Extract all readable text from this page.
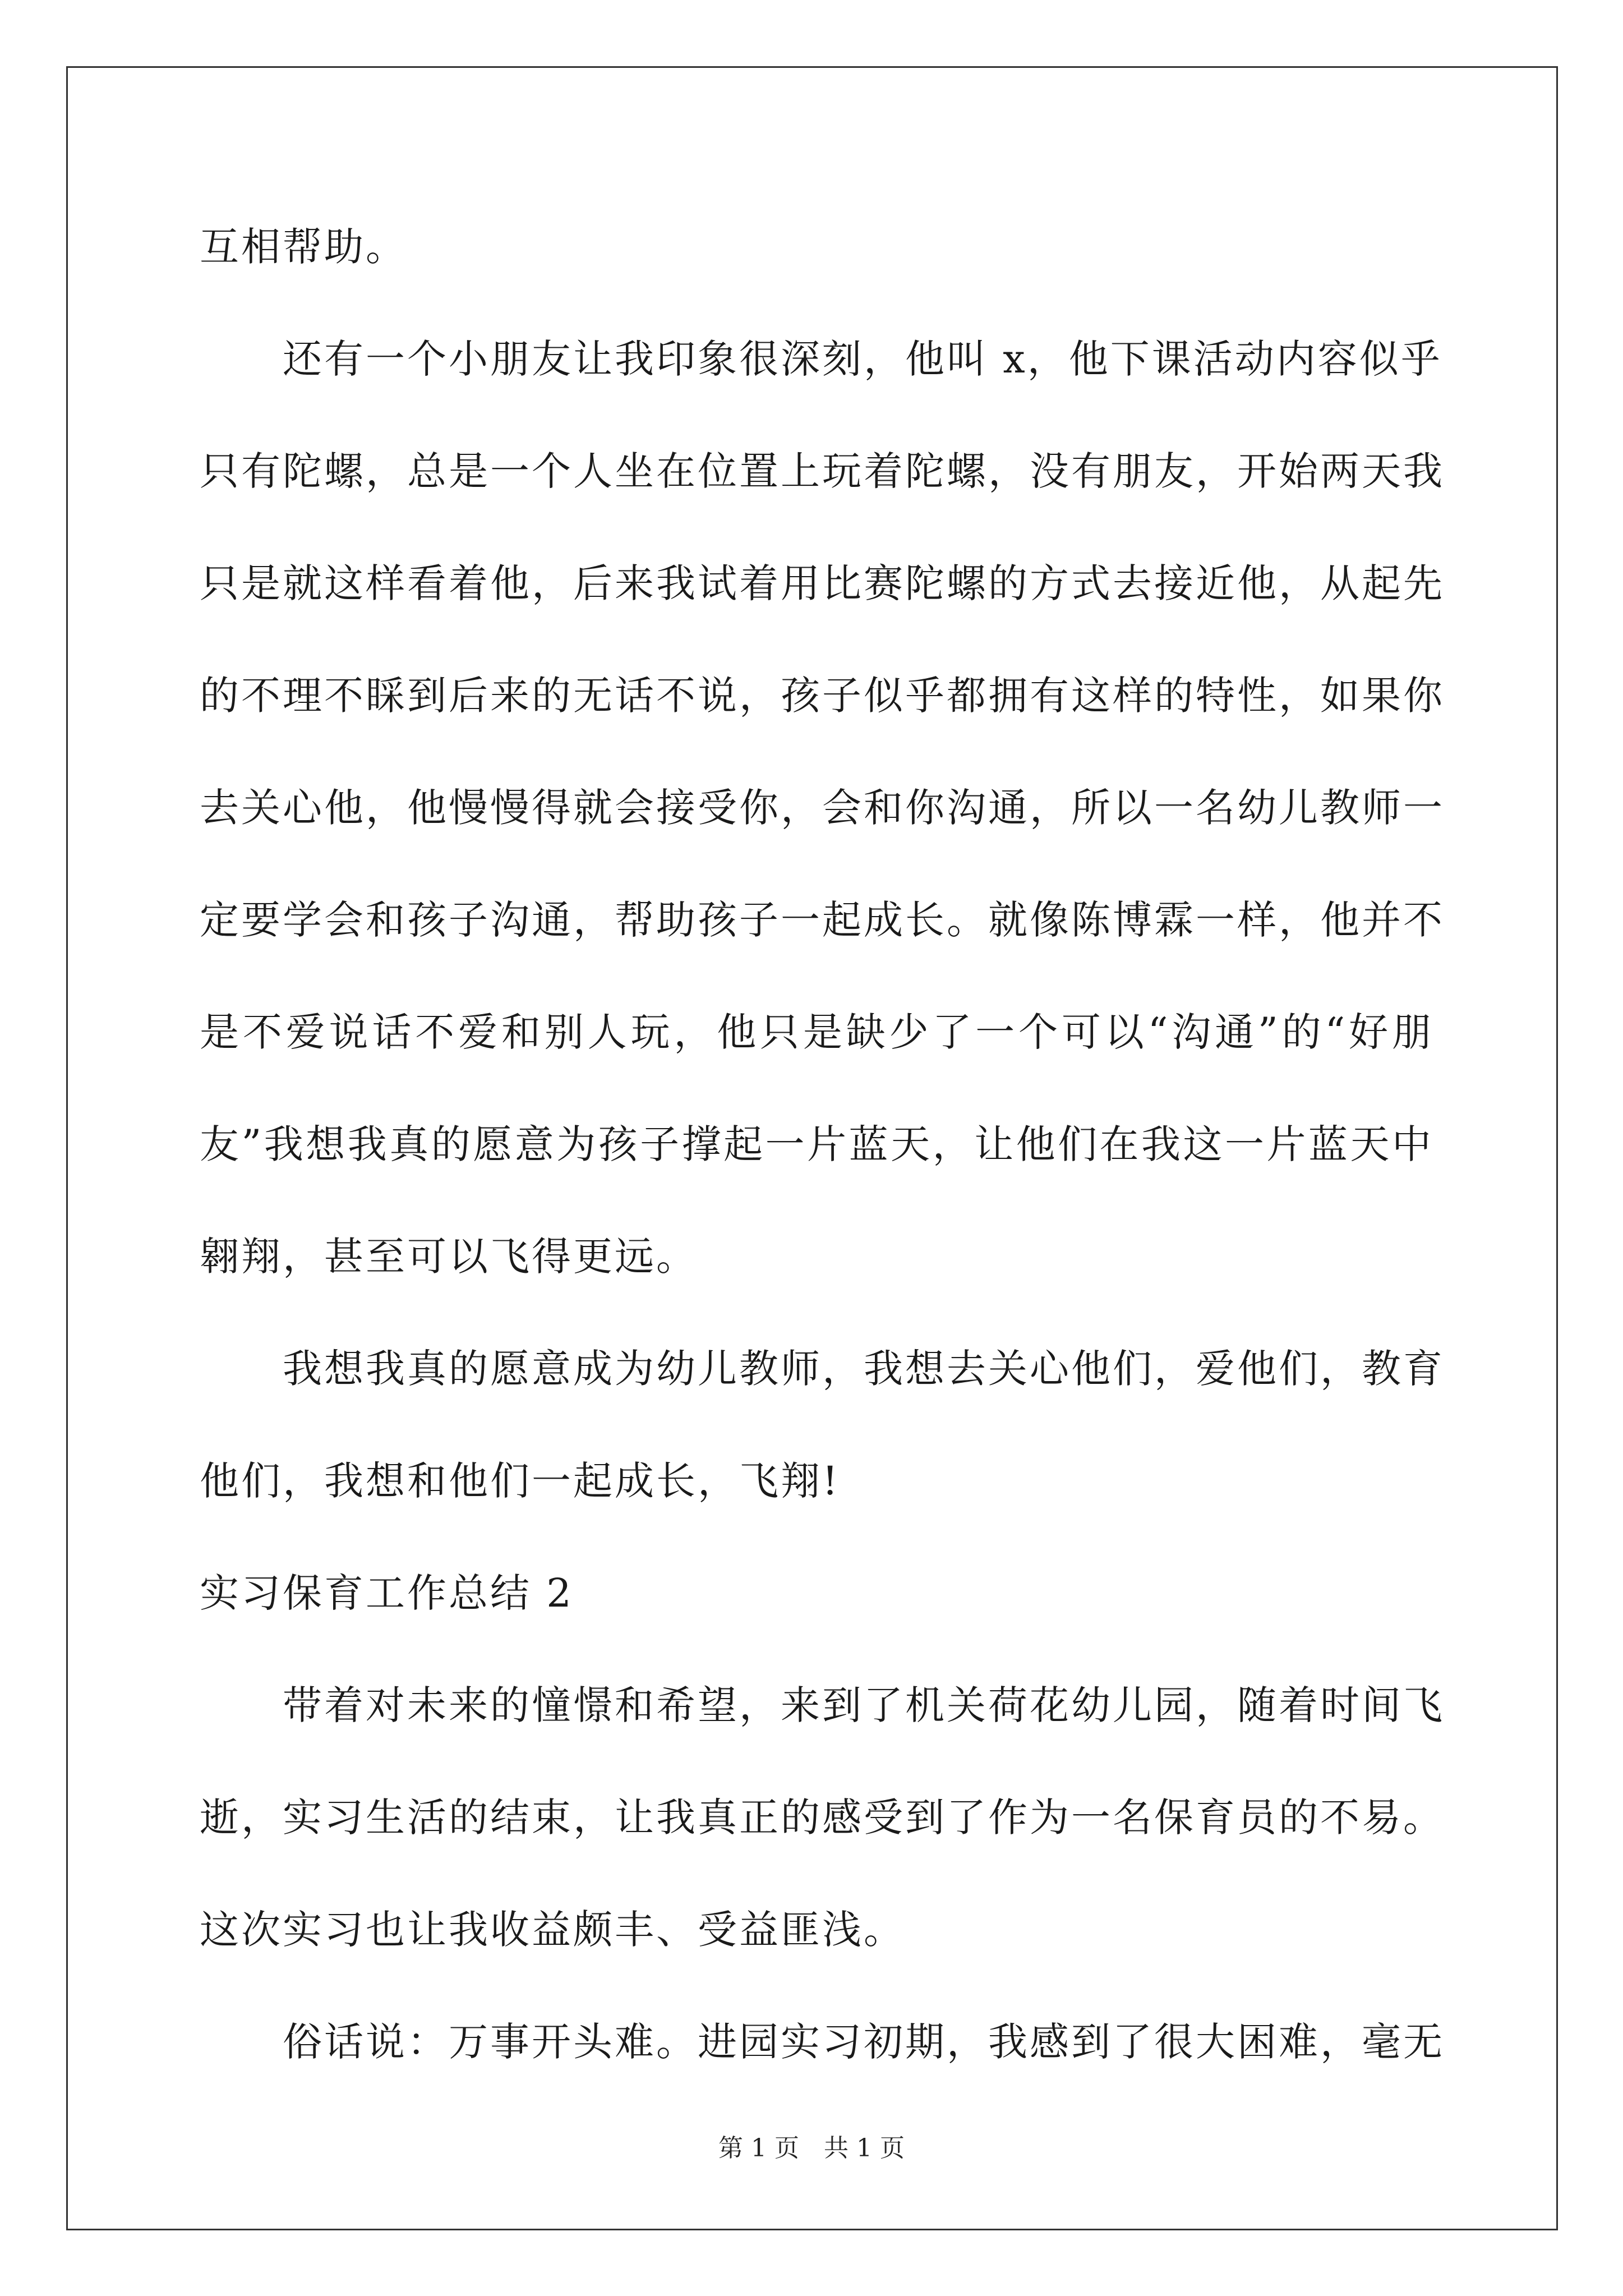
互相帮助。
还有一个小朋友让我印象很深刻，他叫 x，他下课活动内容似乎
只有陀螺，总是一个人坐在位置上玩着陀螺，没有朋友，开始两天我
只是就这样看着他，后来我试着用比赛陀螺的方式去接近他，从起先
的不理不睬到后来的无话不说，孩子似乎都拥有这样的特性，如果你
去关心他，他慢慢得就会接受你，会和你沟通，所以一名幼儿教师一
定要学会和孩子沟通，帮助孩子一起成长。就像陈博霖一样，他并不
是不爱说话不爱和别人玩，他只是缺少了一个可以“沟通”的“好朋
友”我想我真的愿意为孩子撑起一片蓝天，让他们在我这一片蓝天中
翱翔，甚至可以飞得更远。
我想我真的愿意成为幼儿教师，我想去关心他们，爱他们，教育
他们，我想和他们一起成长，飞翔!
实习保育工作总结 2
带着对未来的憧憬和希望，来到了机关荷花幼儿园，随着时间飞
逝，实习生活的结束，让我真正的感受到了作为一名保育员的不易。
这次实习也让我收益颇丰、受益匪浅。
俗话说：万事开头难。进园实习初期，我感到了很大困难，毫无
第 1 页　共 1 页
